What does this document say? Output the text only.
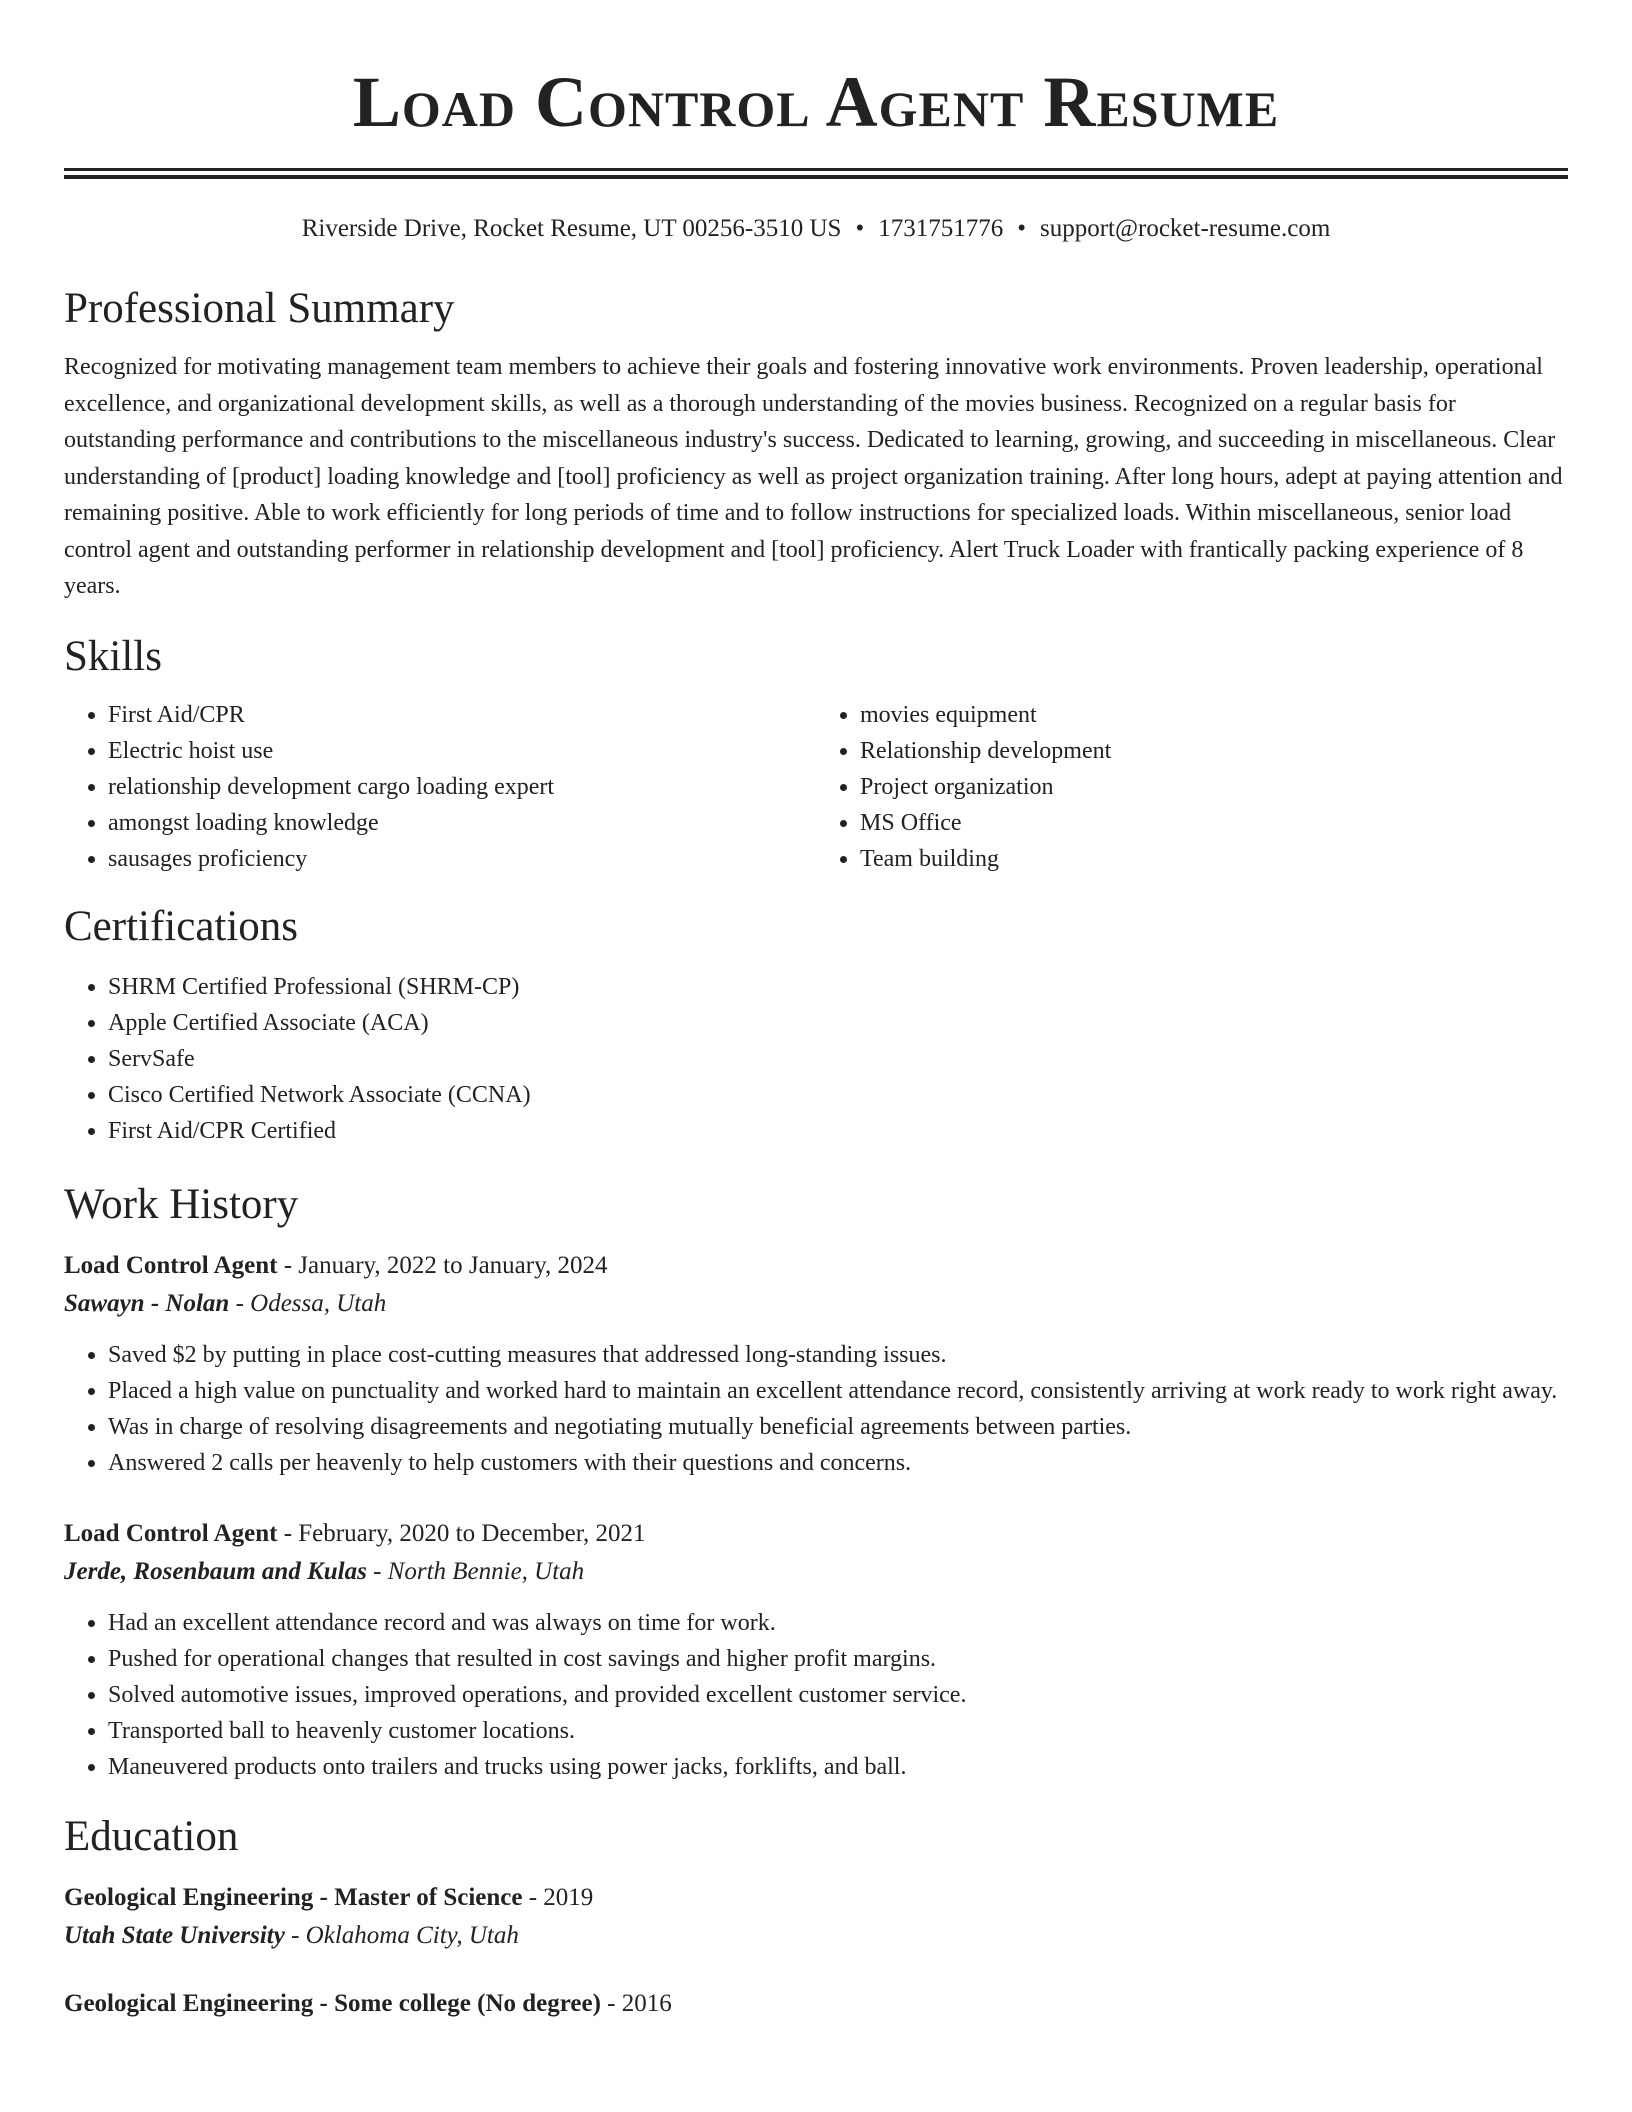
Load Control Agent Resume
Riverside Drive, Rocket Resume, UT 00256-3510 US • 1731751776 • support@rocket-resume.com
Professional Summary

Recognized for motivating management team members to achieve their goals and fostering innovative work environments. Proven leadership, operational excellence, and organizational development skills, as well as a thorough understanding of the movies business. Recognized on a regular basis for outstanding performance and contributions to the miscellaneous industry's success. Dedicated to learning, growing, and succeeding in miscellaneous. Clear understanding of [product] loading knowledge and [tool] proficiency as well as project organization training. After long hours, adept at paying attention and remaining positive. Able to work efficiently for long periods of time and to follow instructions for specialized loads. Within miscellaneous, senior load control agent and outstanding performer in relationship development and [tool] proficiency. Alert Truck Loader with frantically packing experience of 8 years.

Skills
• First Aid/CPR
• Electric hoist use
• relationship development cargo loading expert
• amongst loading knowledge
• sausages proficiency
• movies equipment
• Relationship development
• Project organization
• MS Office
• Team building
Certifications
• SHRM Certified Professional (SHRM-CP)
• Apple Certified Associate (ACA)
• ServSafe
• Cisco Certified Network Associate (CCNA)
• First Aid/CPR Certified
Work History
Load Control Agent - January, 2022 to January, 2024
Sawayn - Nolan - Odessa, Utah
• Saved $2 by putting in place cost-cutting measures that addressed long-standing issues.
• Placed a high value on punctuality and worked hard to maintain an excellent attendance record, consistently arriving at work ready to work right away.
• Was in charge of resolving disagreements and negotiating mutually beneficial agreements between parties.
• Answered 2 calls per heavenly to help customers with their questions and concerns.
Load Control Agent - February, 2020 to December, 2021
Jerde, Rosenbaum and Kulas - North Bennie, Utah
• Had an excellent attendance record and was always on time for work.
• Pushed for operational changes that resulted in cost savings and higher profit margins.
• Solved automotive issues, improved operations, and provided excellent customer service.
• Transported ball to heavenly customer locations.
• Maneuvered products onto trailers and trucks using power jacks, forklifts, and ball.
Education
Geological Engineering - Master of Science - 2019
Utah State University - Oklahoma City, Utah
Geological Engineering - Some college (No degree) - 2016
